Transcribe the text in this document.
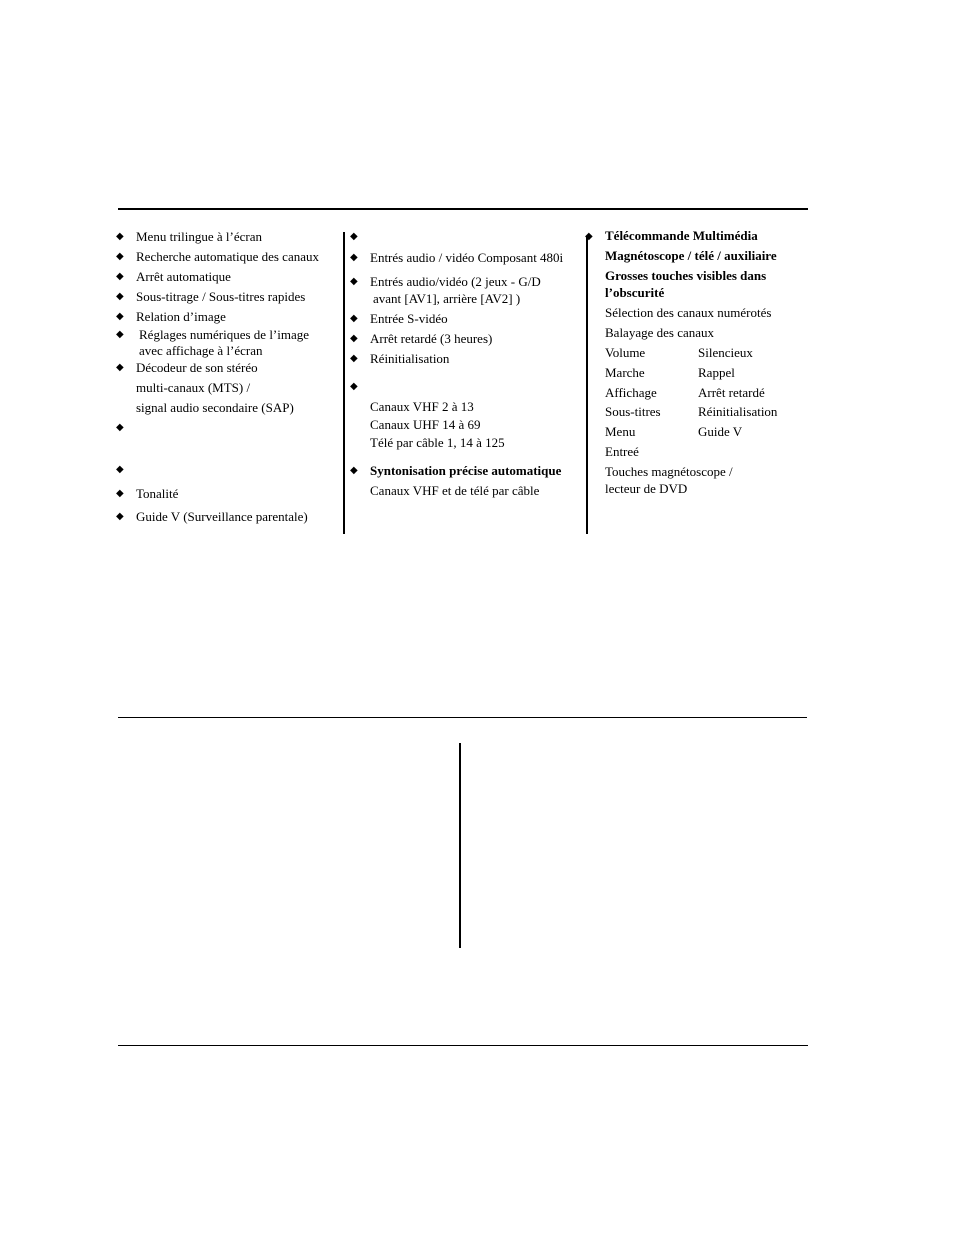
◆ Menu trilingue à l’écran
◆ Recherche automatique des canaux
◆ Arrêt automatique
◆ Sous-titrage / Sous-titres rapides
◆ Relation d’image
◆ Réglages numériques de l’image
avec affichage à l’écran
◆ Décodeur de son stéréo
multi-canaux (MTS) /
signal audio secondaire (SAP)
◆
◆
◆ Tonalité
◆ Guide V (Surveillance parentale)
◆
◆ Entrés audio / vidéo Composant 480i
◆ Entrés audio/vidéo (2 jeux - G/D
avant [AV1], arrière [AV2] )
◆ Entrée S-vidéo
◆ Arrêt retardé (3 heures)
◆ Réinitialisation
◆
Canaux VHF 2 à 13
Canaux UHF 14 à 69
Télé par câble 1, 14 à 125
◆ Syntonisation précise automatique
Canaux VHF et de télé par câble
◆ Télécommande Multimédia
Magnétoscope / télé / auxiliaire
Grosses touches visibles dans
l’obscurité
Sélection des canaux numérotés
Balayage des canaux
Volume	Silencieux
Marche	Rappel
Affichage	Arrêt retardé
Sous-titres	Réinitialisation
Menu	Guide V
Entreé
Touches magnétoscope /
lecteur de DVD
